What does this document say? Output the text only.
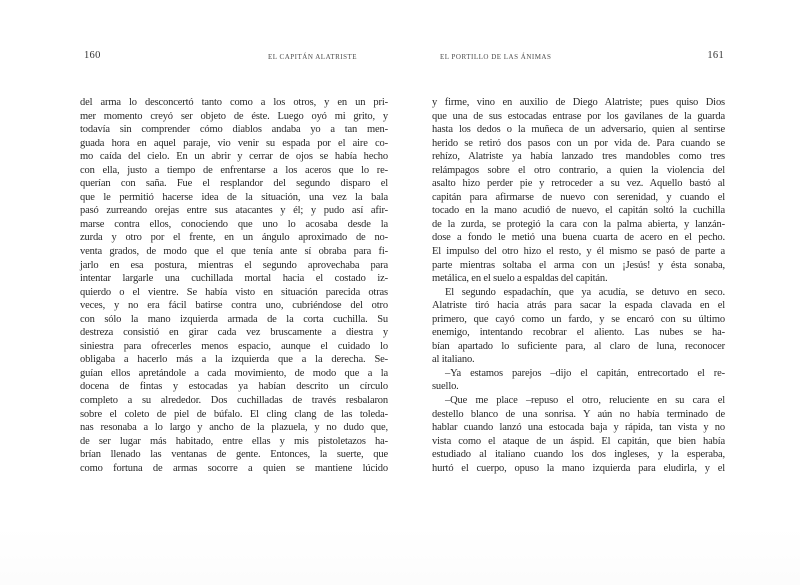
160	EL CAPITÁN ALATRISTE
del arma lo desconcertó tanto como a los otros, y en un pri-
mer momento creyó ser objeto de éste. Luego oyó mi grito, y
todavía sin comprender cómo diablos andaba yo a tan men-
guada hora en aquel paraje, vio venir su espada por el aire co-
mo caída del cielo. En un abrir y cerrar de ojos se había hecho
con ella, justo a tiempo de enfrentarse a los aceros que lo re-
querían con saña. Fue el resplandor del segundo disparo el
que le permitió hacerse idea de la situación, una vez la bala
pasó zurreando orejas entre sus atacantes y él; y pudo así afir-
marse contra ellos, conociendo que uno lo acosaba desde la
zurda y otro por el frente, en un ángulo aproximado de no-
venta grados, de modo que el que tenía ante sí obraba para fi-
jarlo en esa postura, mientras el segundo aprovechaba para
intentar largarle una cuchillada mortal hacia el costado iz-
quierdo o el vientre. Se había visto en situación parecida otras
veces, y no era fácil batirse contra uno, cubriéndose del otro
con sólo la mano izquierda armada de la corta cuchilla. Su
destreza consistió en girar cada vez bruscamente a diestra y
siniestra para ofrecerles menos espacio, aunque el cuidado lo
obligaba a hacerlo más a la izquierda que a la derecha. Se-
guían ellos apretándole a cada movimiento, de modo que a la
docena de fintas y estocadas ya habían descrito un círculo
completo a su alrededor. Dos cuchilladas de través resbalaron
sobre el coleto de piel de búfalo. El cling clang de las toleda-
nas resonaba a lo largo y ancho de la plazuela, y no dudo que,
de ser lugar más habitado, entre ellas y mis pistoletazos ha-
brían llenado las ventanas de gente. Entonces, la suerte, que
como fortuna de armas socorre a quien se mantiene lúcido
EL PORTILLO DE LAS ÁNIMAS	161
y firme, vino en auxilio de Diego Alatriste; pues quiso Dios
que una de sus estocadas entrase por los gavilanes de la guarda
hasta los dedos o la muñeca de un adversario, quien al sentirse
herido se retiró dos pasos con un por vida de. Para cuando se
rehízo, Alatriste ya había lanzado tres mandobles como tres
relámpagos sobre el otro contrario, a quien la violencia del
asalto hizo perder pie y retroceder a su vez. Aquello bastó al
capitán para afirmarse de nuevo con serenidad, y cuando el
tocado en la mano acudió de nuevo, el capitán soltó la cuchilla
de la zurda, se protegió la cara con la palma abierta, y lanzán-
dose a fondo le metió una buena cuarta de acero en el pecho.
El impulso del otro hizo el resto, y él mismo se pasó de parte a
parte mientras soltaba el arma con un ¡Jesús! y ésta sonaba,
metálica, en el suelo a espaldas del capitán.
El segundo espadachín, que ya acudía, se detuvo en seco.
Alatriste tiró hacia atrás para sacar la espada clavada en el
primero, que cayó como un fardo, y se encaró con su último
enemigo, intentando recobrar el aliento. Las nubes se ha-
bían apartado lo suficiente para, al claro de luna, reconocer
al italiano.
–Ya estamos parejos –dijo el capitán, entrecortado el re-
suello.
–Que me place –repuso el otro, reluciente en su cara el
destello blanco de una sonrisa. Y aún no había terminado de
hablar cuando lanzó una estocada baja y rápida, tan vista y no
vista como el ataque de un áspid. El capitán, que bien había
estudiado al italiano cuando los dos ingleses, y la esperaba,
hurtó el cuerpo, opuso la mano izquierda para eludirla, y el
